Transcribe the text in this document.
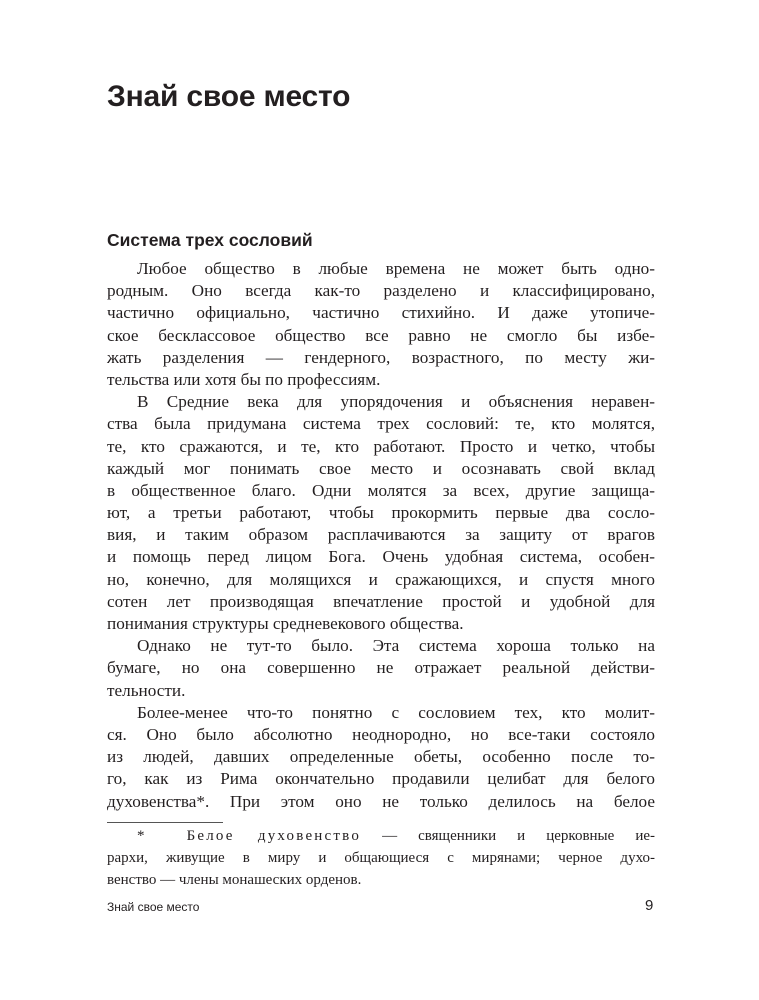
Знай свое место
Система трех сословий
Любое общество в любые времена не может быть одно-
родным. Оно всегда как-то разделено и классифицировано,
частично официально, частично стихийно. И даже утопиче-
ское бесклассовое общество все равно не смогло бы избе-
жать разделения — гендерного, возрастного, по месту жи-
тельства или хотя бы по профессиям.
В Средние века для упорядочения и объяснения неравен-
ства была придумана система трех сословий: те, кто молятся,
те, кто сражаются, и те, кто работают. Просто и четко, чтобы
каждый мог понимать свое место и осознавать свой вклад
в общественное благо. Одни молятся за всех, другие защища-
ют, а третьи работают, чтобы прокормить первые два сосло-
вия, и таким образом расплачиваются за защиту от врагов
и помощь перед лицом Бога. Очень удобная система, особен-
но, конечно, для молящихся и сражающихся, и спустя много
сотен лет производящая впечатление простой и удобной для
понимания структуры средневекового общества.
Однако не тут-то было. Эта система хороша только на
бумаге, но она совершенно не отражает реальной действи-
тельности.
Более-менее что-то понятно с сословием тех, кто молит-
ся. Оно было абсолютно неоднородно, но все-таки состояло
из людей, давших определенные обеты, особенно после то-
го, как из Рима окончательно продавили целибат для белого
духовенства*. При этом оно не только делилось на белое
*	Белое духовенство — священники и церковные ие-
рархи, живущие в миру и общающиеся с мирянами; черное духо-
венство — члены монашеских орденов.
Знай свое место	9
